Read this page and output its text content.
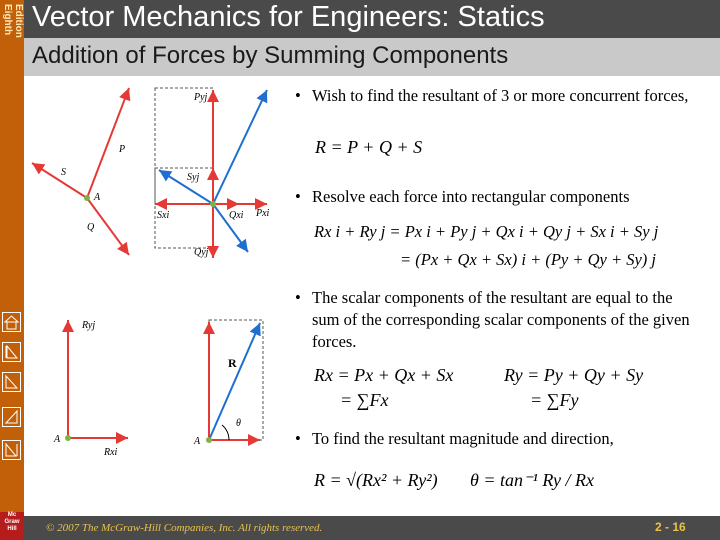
Eighth Edition
Mc
Graw
Hill
Vector Mechanics for Engineers: Statics
Addition of Forces by Summing Components
P
S
Q
A
Pyj
Syj
Sxi	Qxi Pxi
Qyj
Ryj
Rxi
A
R
θ
A
• Wish to find the resultant of 3 or more concurrent forces,
R = P + Q + S
• Resolve each force into rectangular components
Rx i + Ry j = Px i + Py j + Qx i + Qy j + Sx i + Sy j
= (Px + Qx + Sx) i + (Py + Qy + Sy) j
• The scalar components of the resultant are equal to the sum of the corresponding scalar components of the given forces.
Rx = Px + Qx + Sx
= ∑Fx
Ry = Py + Qy + Sy
= ∑Fy
• To find the resultant magnitude and direction,
R = √(Rx² + Ry²) θ = tan⁻¹ Ry / Rx
© 2007 The McGraw-Hill Companies, Inc. All rights reserved.	2 - 16
